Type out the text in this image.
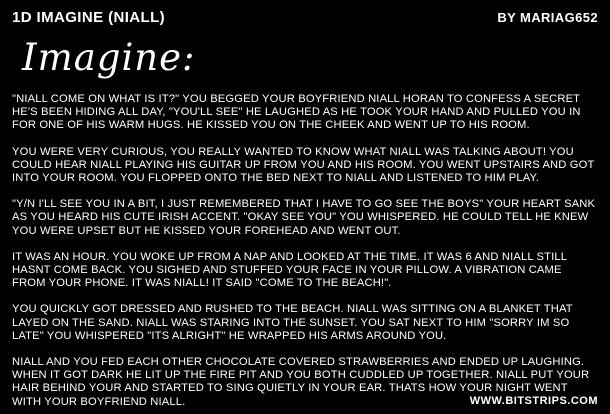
1D IMAGINE (NIALL)	BY MARIAG652
Imagine:

"NIALL COME ON WHAT IS IT?" YOU BEGGED YOUR BOYFRIEND NIALL HORAN TO CONFESS A SECRET HE'S BEEN HIDING ALL DAY, "YOU'LL SEE" HE LAUGHED AS HE TOOK YOUR HAND AND PULLED YOU IN FOR ONE OF HIS WARM HUGS. HE KISSED YOU ON THE CHEEK AND WENT UP TO HIS ROOM.

YOU WERE VERY CURIOUS, YOU REALLY WANTED TO KNOW WHAT NIALL WAS TALKING ABOUT! YOU COULD HEAR NIALL PLAYING HIS GUITAR UP FROM YOU AND HIS ROOM. YOU WENT UPSTAIRS AND GOT INTO YOUR ROOM. YOU FLOPPED ONTO THE BED NEXT TO NIALL AND LISTENED TO HIM PLAY.

"Y/N I'LL SEE YOU IN A BIT, I JUST REMEMBERED THAT I HAVE TO GO SEE THE BOYS" YOUR HEART SANK AS YOU HEARD HIS CUTE IRISH ACCENT. "OKAY SEE YOU" YOU WHISPERED. HE COULD TELL HE KNEW YOU WERE UPSET BUT HE KISSED YOUR FOREHEAD AND WENT OUT.

IT WAS AN HOUR. YOU WOKE UP FROM A NAP AND LOOKED AT THE TIME. IT WAS 6 AND NIALL STILL HASNT COME BACK. YOU SIGHED AND STUFFED YOUR FACE IN YOUR PILLOW. A VIBRATION CAME FROM YOUR PHONE. IT WAS NIALL! IT SAID "COME TO THE BEACH!".

YOU QUICKLY GOT DRESSED AND RUSHED TO THE BEACH. NIALL WAS SITTING ON A BLANKET THAT LAYED ON THE SAND. NIALL WAS STARING INTO THE SUNSET. YOU SAT NEXT TO HIM "SORRY IM SO LATE" YOU WHISPERED "ITS ALRIGHT" HE WRAPPED HIS ARMS AROUND YOU.

NIALL AND YOU FED EACH OTHER CHOCOLATE COVERED STRAWBERRIES AND ENDED UP LAUGHING. WHEN IT GOT DARK HE LIT UP THE FIRE PIT AND YOU BOTH CUDDLED UP TOGETHER. NIALL PUT YOUR HAIR BEHIND YOUR AND STARTED TO SING QUIETLY IN YOUR EAR. THATS HOW YOUR NIGHT WENT WITH YOUR BOYFRIEND NIALL.	WWW.BITSTRIPS.COM
